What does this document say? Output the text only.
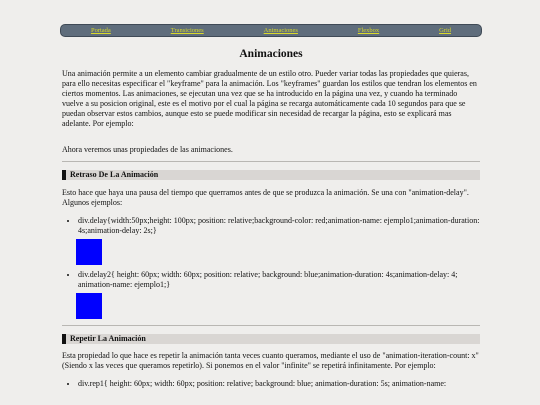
Portada	Transiciones	Animaciones	Flexbox	Grid
Animaciones

Una animación permite a un elemento cambiar gradualmente de un estilo otro. Pueder variar todas las propiedades que quieras, para ello necesitas especificar el "keyframe" para la animación. Los "keyframes" guardan los estilos que tendran los elementos en ciertos momentos. Las animaciones, se ejecutan una vez que se ha introducido en la página una vez, y cuando ha terminado vuelve a su posicion original, este es el motivo por el cual la página se recarga automáticamente cada 10 segundos para que se puedan observar estos cambios, aunque esto se puede modificar sin necesidad de recargar la página, esto se explicará mas adelante. Por ejemplo:

Ahora veremos unas propiedades de las animaciones.

Retraso De La Animación

Esto hace que haya una pausa del tiempo que querramos antes de que se produzca la animación. Se una con "animation-delay". Algunos ejemplos:

• div.delay{width:50px;height: 100px; position: relative;background-color: red;animation-name: ejemplo1;animation-duration: 4s;animation-delay: 2s;}
• div.delay2{ height: 60px; width: 60px; position: relative; background: blue;animation-duration: 4s;animation-delay: 4; animation-name: ejemplo1;}
Repetir La Animación

Esta propiedad lo que hace es repetir la animación tanta veces cuanto queramos, mediante el uso de "animation-iteration-count: x" (Siendo x las veces que queramos repetirlo). Si ponemos en el valor "infinite" se repetirá infinitamente. Por ejemplo:

• div.rep1{ height: 60px; width: 60px; position: relative; background: blue; animation-duration: 5s; animation-name:
